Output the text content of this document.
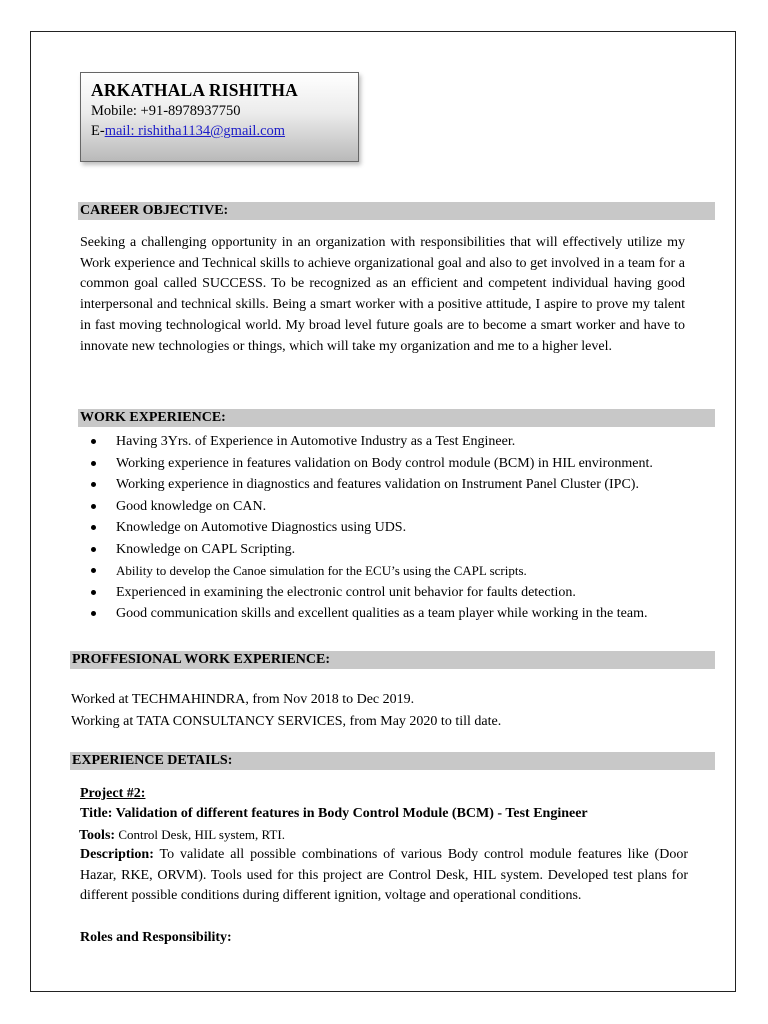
ARKATHALA RISHITHA
Mobile: +91-8978937750
E-mail: rishitha1134@gmail.com
CAREER OBJECTIVE:
Seeking a challenging opportunity in an organization with responsibilities that will effectively utilize my Work experience and Technical skills to achieve organizational goal and also to get involved in a team for a common goal called SUCCESS. To be recognized as an efficient and competent individual having good interpersonal and technical skills. Being a smart worker with a positive attitude, I aspire to prove my talent in fast moving technological world. My broad level future goals are to become a smart worker and have to innovate new technologies or things, which will take my organization and me to a higher level.
WORK EXPERIENCE:
Having 3Yrs. of Experience in Automotive Industry as a Test Engineer.
Working experience in features validation on Body control module (BCM) in HIL environment.
Working experience in diagnostics and features validation on Instrument Panel Cluster (IPC).
Good knowledge on CAN.
Knowledge on Automotive Diagnostics using UDS.
Knowledge on CAPL Scripting.
Ability to develop the Canoe simulation for the ECU’s using the CAPL scripts.
Experienced in examining the electronic control unit behavior for faults detection.
Good communication skills and excellent qualities as a team player while working in the team.
PROFFESIONAL WORK EXPERIENCE:
Worked at TECHMAHINDRA, from Nov 2018 to Dec 2019.
Working at TATA CONSULTANCY SERVICES, from May 2020 to till date.
EXPERIENCE DETAILS:
Project #2:
Title: Validation of different features in Body Control Module (BCM) - Test Engineer
Tools: Control Desk, HIL system, RTI.
Description: To validate all possible combinations of various Body control module features like (Door Hazar, RKE, ORVM). Tools used for this project are Control Desk, HIL system. Developed test plans for different possible conditions during different ignition, voltage and operational conditions.
Roles and Responsibility:
